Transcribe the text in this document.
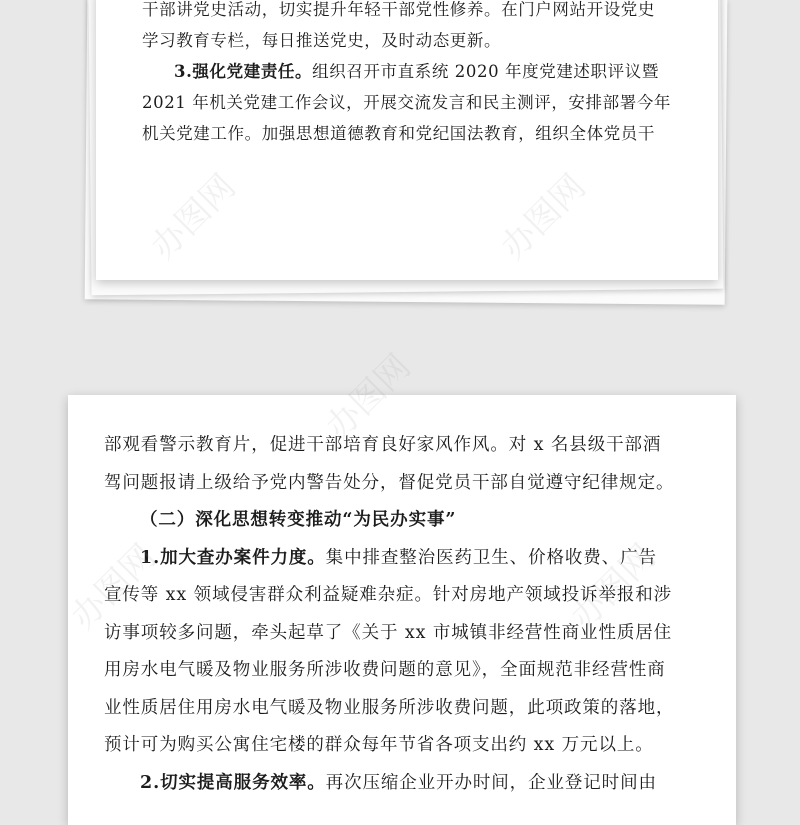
干部讲党史活动，切实提升年轻干部党性修养。在门户网站开设党史
学习教育专栏，每日推送党史，及时动态更新。
3.强化党建责任。组织召开市直系统 2020 年度党建述职评议暨
2021 年机关党建工作会议，开展交流发言和民主测评，安排部署今年
机关党建工作。加强思想道德教育和党纪国法教育，组织全体党员干
部观看警示教育片，促进干部培育良好家风作风。对 x 名县级干部酒
驾问题报请上级给予党内警告处分，督促党员干部自觉遵守纪律规定。
（二）深化思想转变推动“为民办实事”
1.加大查办案件力度。集中排查整治医药卫生、价格收费、广告
宣传等 xx 领域侵害群众利益疑难杂症。针对房地产领域投诉举报和涉
访事项较多问题，牵头起草了《关于 xx 市城镇非经营性商业性质居住
用房水电气暖及物业服务所涉收费问题的意见》，全面规范非经营性商
业性质居住用房水电气暖及物业服务所涉收费问题，此项政策的落地，
预计可为购买公寓住宅楼的群众每年节省各项支出约 xx 万元以上。
2.切实提高服务效率。再次压缩企业开办时间，企业登记时间由
